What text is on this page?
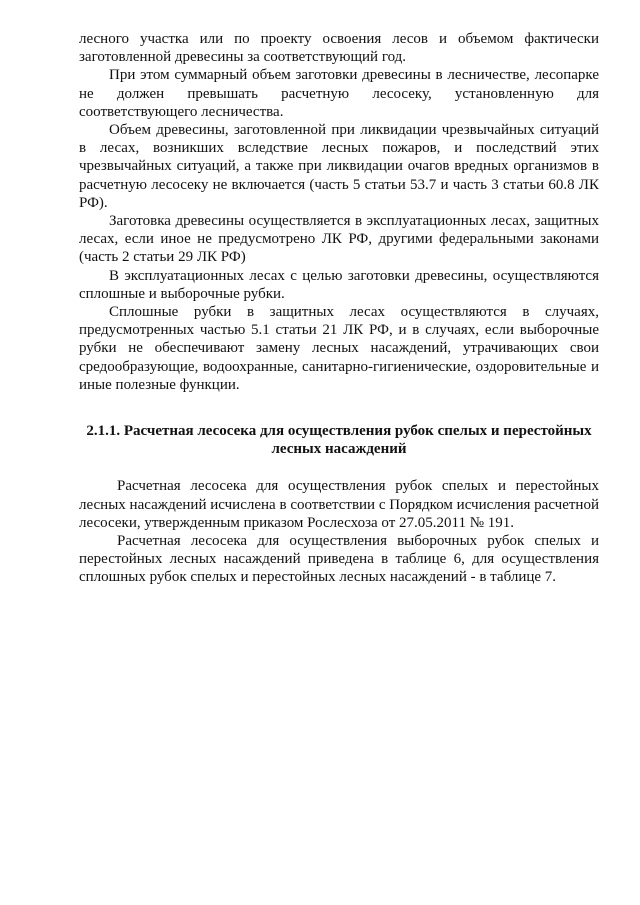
лесного участка или по проекту освоения лесов и объемом фактически заготовленной древесины за соответствующий год.

При этом суммарный объем заготовки древесины в лесничестве, лесопарке не должен превышать расчетную лесосеку, установленную для соответствующего лесничества.

Объем древесины, заготовленной при ликвидации чрезвычайных ситуаций в лесах, возникших вследствие лесных пожаров, и последствий этих чрезвычайных ситуаций, а также при ликвидации очагов вредных организмов в расчетную лесосеку не включается (часть 5 статьи 53.7 и часть 3 статьи 60.8 ЛК РФ).

Заготовка древесины осуществляется в эксплуатационных лесах, защитных лесах, если иное не предусмотрено ЛК РФ, другими федеральными законами (часть 2 статьи 29 ЛК РФ)

В эксплуатационных лесах с целью заготовки древесины, осуществляются сплошные и выборочные рубки.

Сплошные рубки в защитных лесах осуществляются в случаях, предусмотренных частью 5.1 статьи 21 ЛК РФ, и в случаях, если выборочные рубки не обеспечивают замену лесных насаждений, утрачивающих свои средообразующие, водоохранные, санитарно-гигиенические, оздоровительные и иные полезные функции.

2.1.1. Расчетная лесосека для осуществления рубок спелых и перестойных лесных насаждений

Расчетная лесосека для осуществления рубок спелых и перестойных лесных насаждений исчислена в соответствии с Порядком исчисления расчетной лесосеки, утвержденным приказом Рослесхоза от 27.05.2011 № 191.

Расчетная лесосека для осуществления выборочных рубок спелых и перестойных лесных насаждений приведена в таблице 6, для осуществления сплошных рубок спелых и перестойных лесных насаждений - в таблице 7.
